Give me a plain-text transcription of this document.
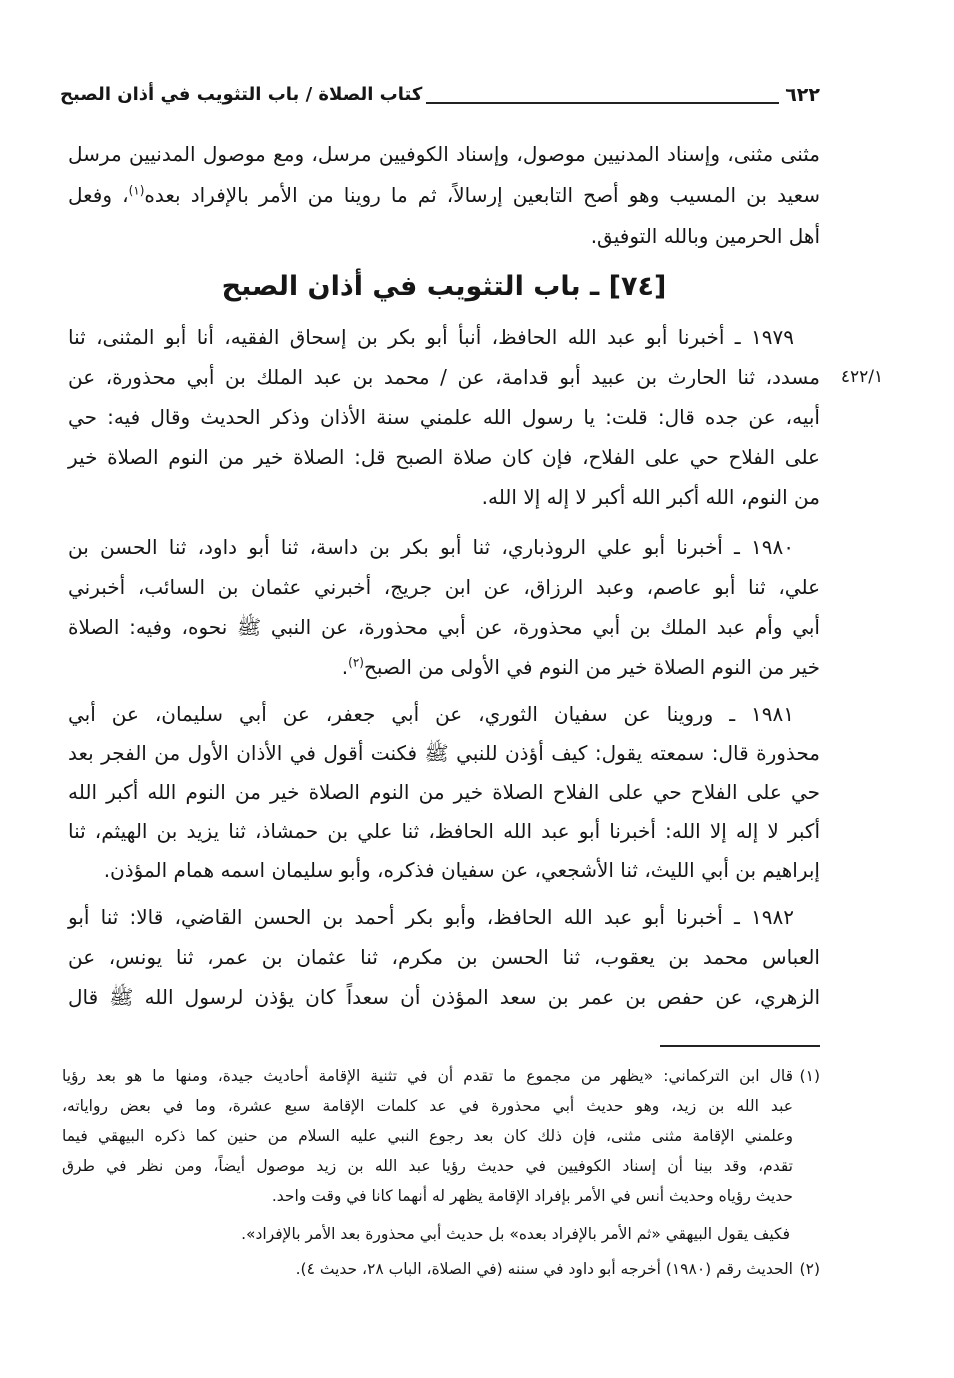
٦٢٢
كتاب الصلاة / باب التثويب في أذان الصبح
مثنى مثنى، وإسناد المدنيين موصول، وإسناد الكوفيين مرسل، ومع موصول المدنيين مرسل
سعيد بن المسيب وهو أصح التابعين إرسالاً، ثم ما روينا من الأمر بالإفراد بعده$^{(١)}$، وفعل
أهل الحرمين وبالله التوفيق.
[٧٤] ـ باب التثويب في أذان الصبح
١٩٧٩ ـ أخبرنا أبو عبد الله الحافظ، أنبأ أبو بكر بن إسحاق الفقيه، أنا أبو المثنى، ثنا
مسدد، ثنا الحارث بن عبيد أبو قدامة، عن / محمد بن عبد الملك بن أبي محذورة، عن	٤٢٢/١
أبيه، عن جده قال: قلت: يا رسول الله علمني سنة الأذان وذكر الحديث وقال فيه: حي
على الفلاح حي على الفلاح، فإن كان صلاة الصبح قل: الصلاة خير من النوم الصلاة خير
من النوم، الله أكبر الله أكبر لا إله إلا الله.
١٩٨٠ ـ أخبرنا أبو علي الروذباري، ثنا أبو بكر بن داسة، ثنا أبو داود، ثنا الحسن بن
علي، ثنا أبو عاصم، وعبد الرزاق، عن ابن جريج، أخبرني عثمان بن السائب، أخبرني
أبي وأم عبد الملك بن أبي محذورة، عن أبي محذورة، عن النبي ﷺ نحوه، وفيه: الصلاة
خير من النوم الصلاة خير من النوم في الأولى من الصبح$^{(٢)}$.
١٩٨١ ـ وروينا عن سفيان الثوري، عن أبي جعفر، عن أبي سليمان، عن أبي
محذورة قال: سمعته يقول: كيف أؤذن للنبي ﷺ فكنت أقول في الأذان الأول من الفجر بعد
حي على الفلاح حي على الفلاح الصلاة خير من النوم الصلاة خير من النوم الله أكبر الله
أكبر لا إله إلا الله: أخبرنا أبو عبد الله الحافظ، ثنا علي بن حمشاذ، ثنا يزيد بن الهيثم، ثنا
إبراهيم بن أبي الليث، ثنا الأشجعي، عن سفيان فذكره، وأبو سليمان اسمه همام المؤذن.
١٩٨٢ ـ أخبرنا أبو عبد الله الحافظ، وأبو بكر أحمد بن الحسن القاضي، قالا: ثنا أبو
العباس محمد بن يعقوب، ثنا الحسن بن مكرم، ثنا عثمان بن عمر، ثنا يونس، عن
الزهري، عن حفص بن عمر بن سعد المؤذن أن سعداً كان يؤذن لرسول الله ﷺ قال
(١)
قال ابن التركماني: «يظهر من مجموع ما تقدم أن في تثنية الإقامة أحاديث جيدة، ومنها ما هو بعد رؤيا
عبد الله بن زيد، وهو حديث أبي محذورة في عد كلمات الإقامة سبع عشرة، وما في بعض رواياته،
وعلمني الإقامة مثنى مثنى، فإن ذلك كان بعد رجوع النبي عليه السلام من حنين كما ذكره البيهقي فيما
تقدم، وقد بينا أن إسناد الكوفيين في حديث رؤيا عبد الله بن زيد موصول أيضاً، ومن نظر في طرق
حديث رؤياه وحديث أنس في الأمر بإفراد الإقامة يظهر له أنهما كانا في وقت واحد.
فكيف يقول البيهقي «ثم الأمر بالإفراد بعده» بل حديث أبي محذورة بعد الأمر بالإفراد».
(٢)
الحديث رقم (١٩٨٠) أخرجه أبو داود في سننه (في الصلاة، الباب ٢٨، حديث ٤).
